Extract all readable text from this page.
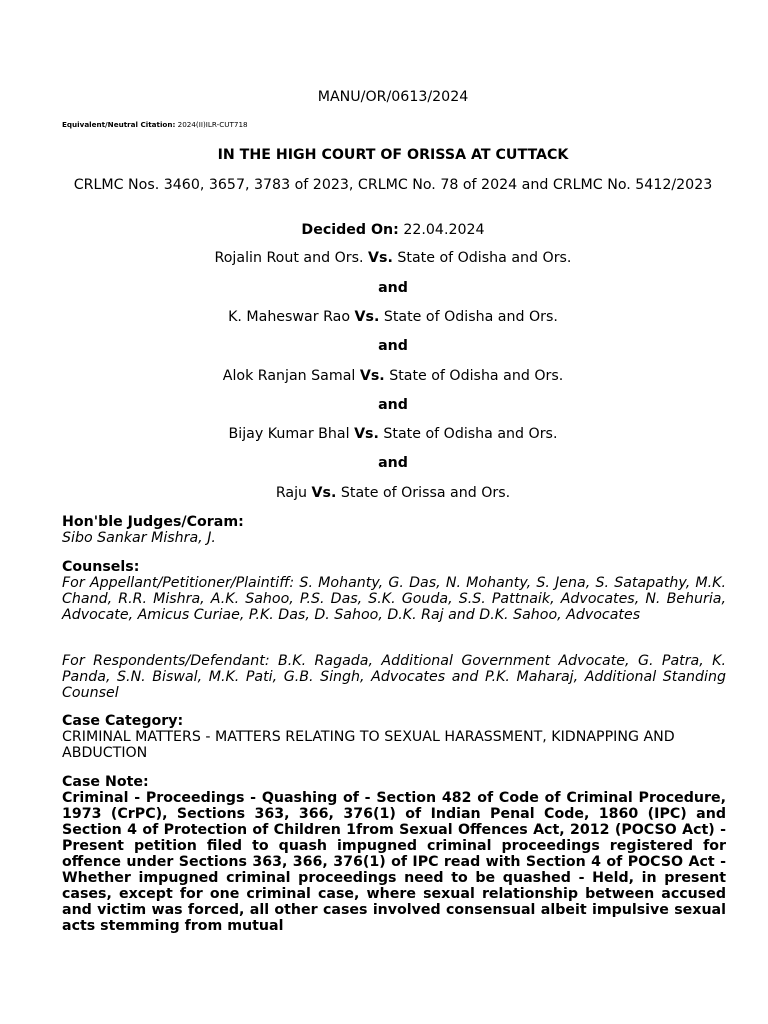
MANU/OR/0613/2024
Equivalent/Neutral Citation: 2024(II)ILR-CUT718
IN THE HIGH COURT OF ORISSA AT CUTTACK
CRLMC Nos. 3460, 3657, 3783 of 2023, CRLMC No. 78 of 2024 and CRLMC No. 5412/2023
Decided On: 22.04.2024
Rojalin Rout and Ors. Vs. State of Odisha and Ors.
and
K. Maheswar Rao Vs. State of Odisha and Ors.
and
Alok Ranjan Samal Vs. State of Odisha and Ors.
and
Bijay Kumar Bhal Vs. State of Odisha and Ors.
and
Raju Vs. State of Orissa and Ors.
Hon'ble Judges/Coram:
Sibo Sankar Mishra, J.
Counsels:
For Appellant/Petitioner/Plaintiff: S. Mohanty, G. Das, N. Mohanty, S. Jena, S. Satapathy, M.K. Chand, R.R. Mishra, A.K. Sahoo, P.S. Das, S.K. Gouda, S.S. Pattnaik, Advocates, N. Behuria, Advocate, Amicus Curiae, P.K. Das, D. Sahoo, D.K. Raj and D.K. Sahoo, Advocates
For Respondents/Defendant: B.K. Ragada, Additional Government Advocate, G. Patra, K. Panda, S.N. Biswal, M.K. Pati, G.B. Singh, Advocates and P.K. Maharaj, Additional Standing Counsel
Case Category:
CRIMINAL MATTERS - MATTERS RELATING TO SEXUAL HARASSMENT, KIDNAPPING AND ABDUCTION
Case Note:
Criminal - Proceedings - Quashing of - Section 482 of Code of Criminal Procedure, 1973 (CrPC), Sections 363, 366, 376(1) of Indian Penal Code, 1860 (IPC) and Section 4 of Protection of Children 1from Sexual Offences Act, 2012 (POCSO Act) - Present petition filed to quash impugned criminal proceedings registered for offence under Sections 363, 366, 376(1) of IPC read with Section 4 of POCSO Act - Whether impugned criminal proceedings need to be quashed - Held, in present cases, except for one criminal case, where sexual relationship between accused and victim was forced, all other cases involved consensual albeit impulsive sexual acts stemming from mutual
